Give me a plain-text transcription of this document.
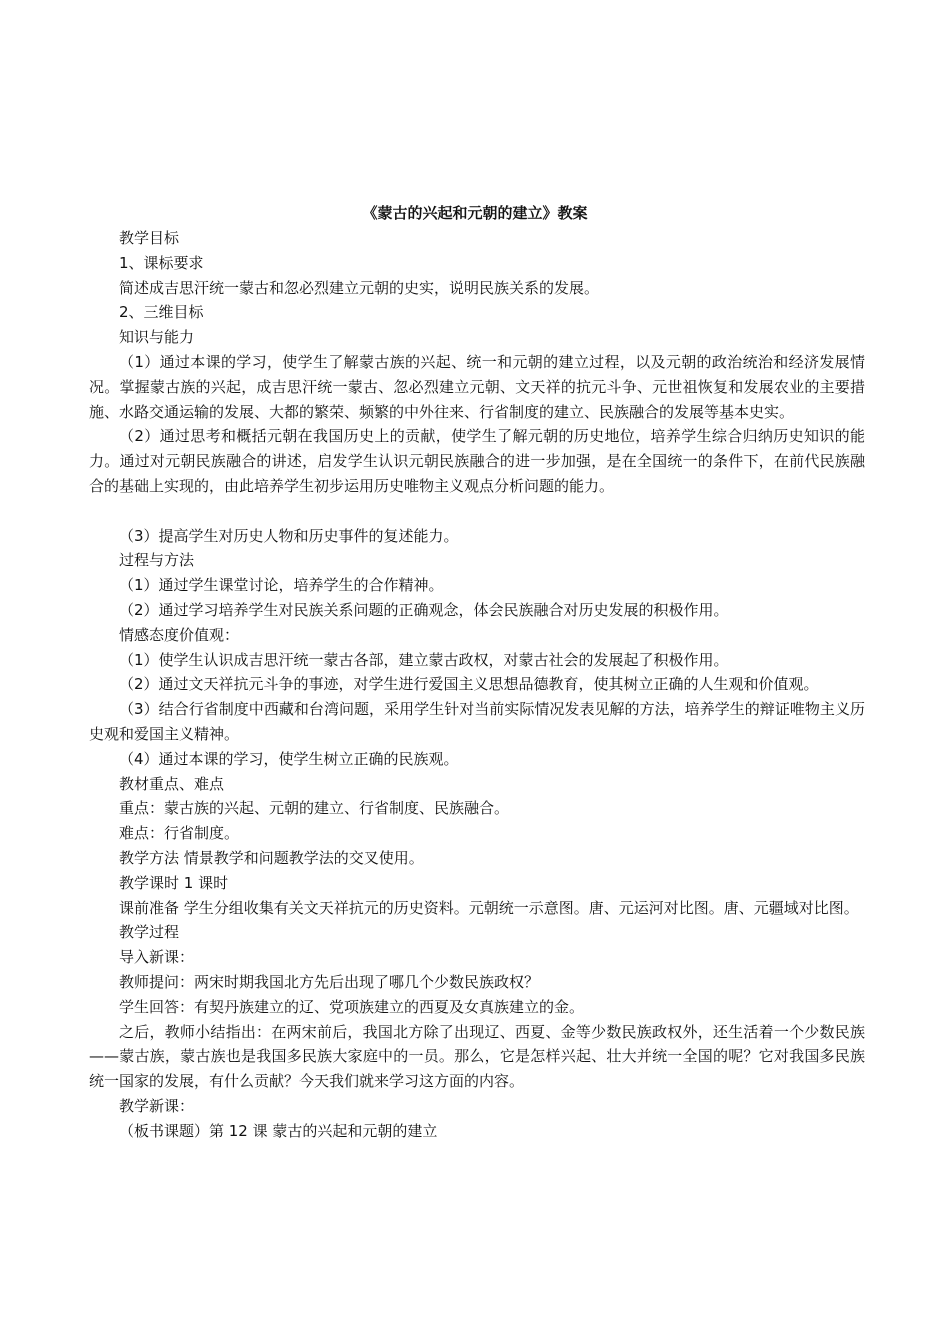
《蒙古的兴起和元朝的建立》教案

教学目标

1、课标要求

简述成吉思汗统一蒙古和忽必烈建立元朝的史实，说明民族关系的发展。

2、三维目标

知识与能力

（1）通过本课的学习，使学生了解蒙古族的兴起、统一和元朝的建立过程，以及元朝的政治统治和经济发展情况。掌握蒙古族的兴起，成吉思汗统一蒙古、忽必烈建立元朝、文天祥的抗元斗争、元世祖恢复和发展农业的主要措施、水路交通运输的发展、大都的繁荣、频繁的中外往来、行省制度的建立、民族融合的发展等基本史实。

（2）通过思考和概括元朝在我国历史上的贡献，使学生了解元朝的历史地位，培养学生综合归纳历史知识的能力。通过对元朝民族融合的讲述，启发学生认识元朝民族融合的进一步加强，是在全国统一的条件下，在前代民族融合的基础上实现的，由此培养学生初步运用历史唯物主义观点分析问题的能力。

（3）提高学生对历史人物和历史事件的复述能力。

过程与方法

（1）通过学生课堂讨论，培养学生的合作精神。

（2）通过学习培养学生对民族关系问题的正确观念，体会民族融合对历史发展的积极作用。

情感态度价值观：

（1）使学生认识成吉思汗统一蒙古各部，建立蒙古政权，对蒙古社会的发展起了积极作用。

（2）通过文天祥抗元斗争的事迹，对学生进行爱国主义思想品德教育，使其树立正确的人生观和价值观。

（3）结合行省制度中西藏和台湾问题，采用学生针对当前实际情况发表见解的方法，培养学生的辩证唯物主义历史观和爱国主义精神。

（4）通过本课的学习，使学生树立正确的民族观。

教材重点、难点

重点：蒙古族的兴起、元朝的建立、行省制度、民族融合。

难点：行省制度。

教学方法 情景教学和问题教学法的交叉使用。

教学课时 1 课时

课前准备 学生分组收集有关文天祥抗元的历史资料。元朝统一示意图。唐、元运河对比图。唐、元疆域对比图。

教学过程

导入新课：

教师提问：两宋时期我国北方先后出现了哪几个少数民族政权？

学生回答：有契丹族建立的辽、党项族建立的西夏及女真族建立的金。

之后，教师小结指出：在两宋前后，我国北方除了出现辽、西夏、金等少数民族政权外，还生活着一个少数民族——蒙古族，蒙古族也是我国多民族大家庭中的一员。那么，它是怎样兴起、壮大并统一全国的呢？它对我国多民族统一国家的发展，有什么贡献？今天我们就来学习这方面的内容。

教学新课：

（板书课题）第 12 课 蒙古的兴起和元朝的建立
